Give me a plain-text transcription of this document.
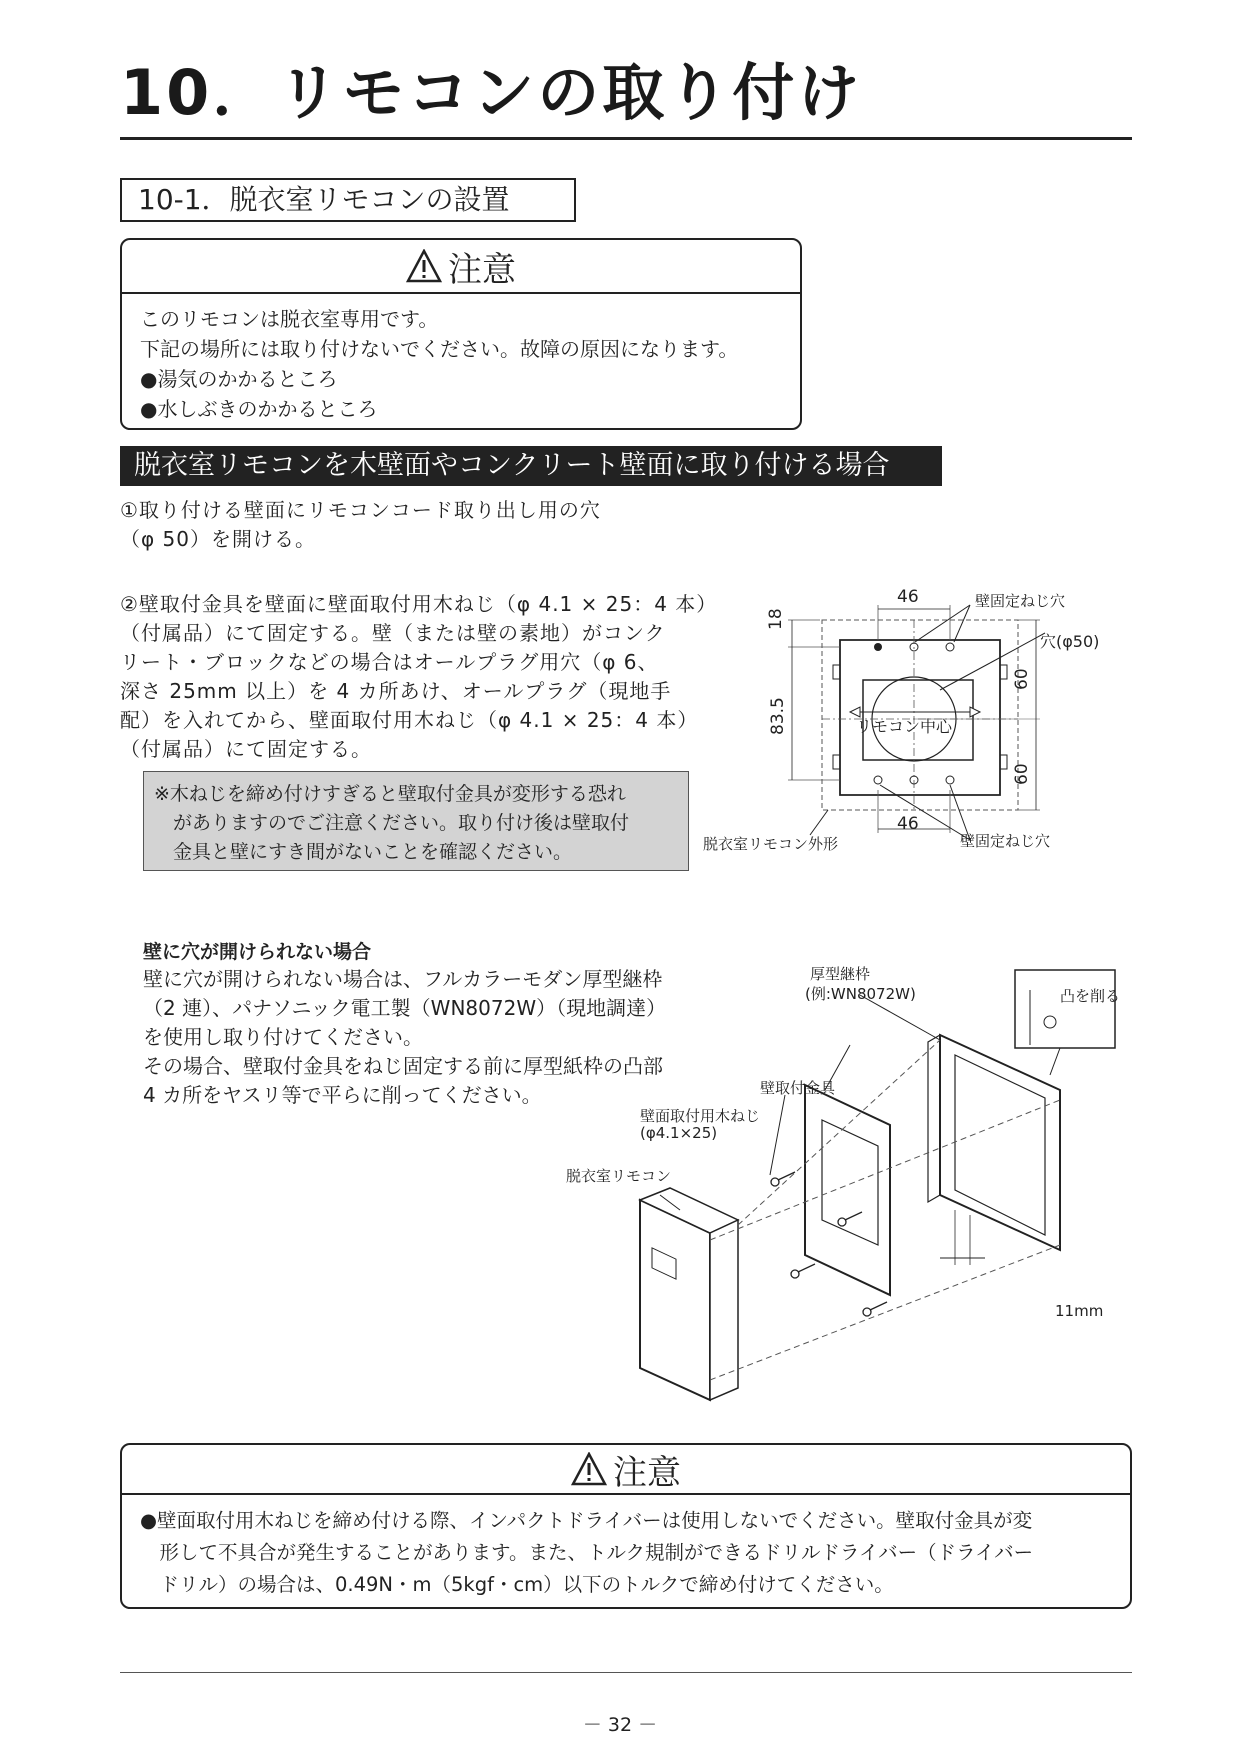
10．リモコンの取り付け
10-1．脱衣室リモコンの設置
注意
このリモコンは脱衣室専用です。
下記の場所には取り付けないでください。故障の原因になります。
●湯気のかかるところ
●水しぶきのかかるところ
脱衣室リモコンを木壁面やコンクリート壁面に取り付ける場合
①取り付ける壁面にリモコンコード取り出し用の穴
（φ 50）を開ける。
②壁取付金具を壁面に壁面取付用木ねじ（φ 4.1 × 25：4 本）
（付属品）にて固定する。壁（または壁の素地）がコンク
リート・ブロックなどの場合はオールプラグ用穴（φ 6、
深さ 25mm 以上）を 4 カ所あけ、オールプラグ（現地手
配）を入れてから、壁面取付用木ねじ（φ 4.1 × 25：4 本）
（付属品）にて固定する。
※木ねじを締め付けすぎると壁取付金具が変形する恐れ
　がありますのでご注意ください。取り付け後は壁取付
　金具と壁にすき間がないことを確認ください。
46
46
18
83.5
60
60
壁固定ねじ穴
穴(φ50)
リモコン中心
脱衣室リモコン外形	壁固定ねじ穴
壁に穴が開けられない場合
壁に穴が開けられない場合は、フルカラーモダン厚型継枠
（2 連）、パナソニック電工製（WN8072W）（現地調達）
を使用し取り付けてください。
その場合、壁取付金具をねじ固定する前に厚型紙枠の凸部
4 カ所をヤスリ等で平らに削ってください。
厚型継枠
(例:WN8072W)	凸を削る
壁取付金具
壁面取付用木ねじ
(φ4.1×25)
脱衣室リモコン
11mm
注意
●壁面取付用木ねじを締め付ける際、インパクトドライバーは使用しないでください。壁取付金具が変
　形して不具合が発生することがあります。また、トルク規制ができるドリルドライバー（ドライバー
　ドリル）の場合は、0.49N・m（5kgf・cm）以下のトルクで締め付けてください。
－ 32 －
